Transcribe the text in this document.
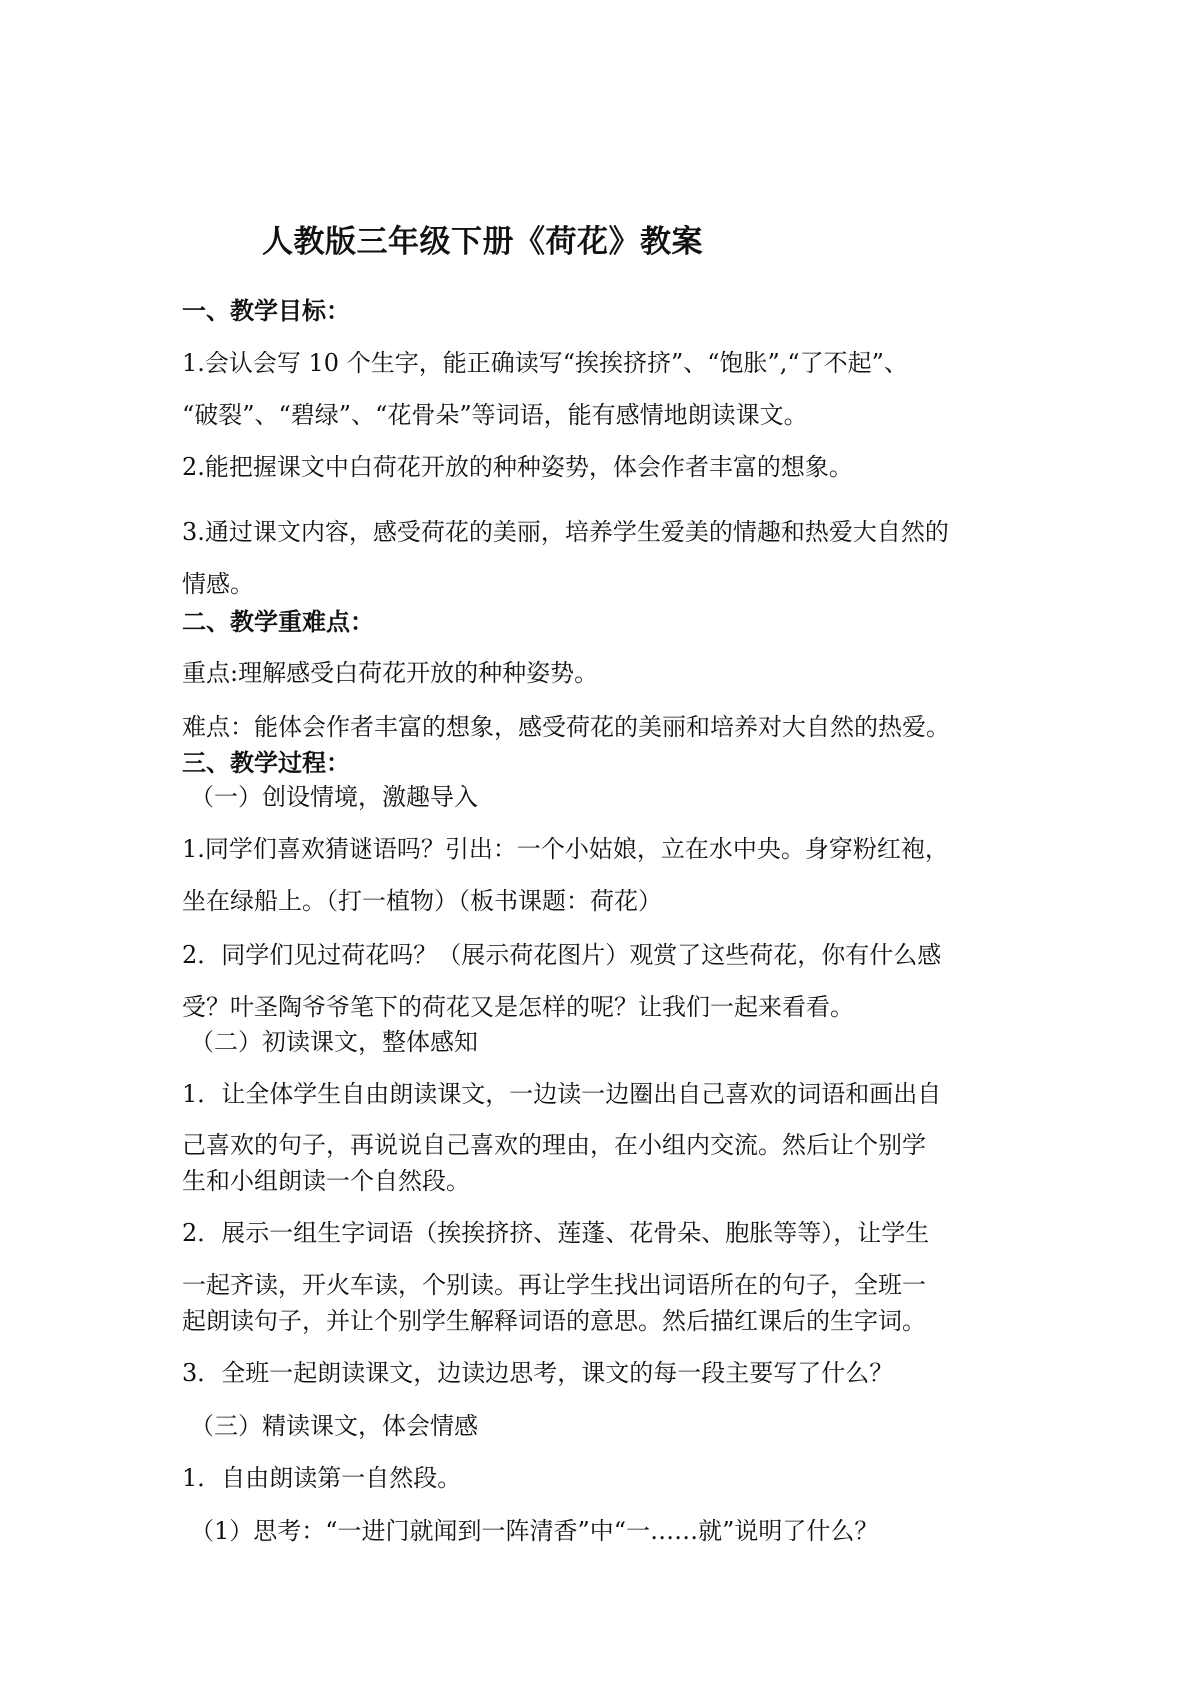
人教版三年级下册《荷花》教案
一、教学目标：
1.会认会写 10 个生字，能正确读写“挨挨挤挤”、“饱胀”,“了不起”、
“破裂”、“碧绿”、“花骨朵”等词语，能有感情地朗读课文。
2.能把握课文中白荷花开放的种种姿势，体会作者丰富的想象。
3.通过课文内容，感受荷花的美丽，培养学生爱美的情趣和热爱大自然的
情感。
二、教学重难点：
重点:理解感受白荷花开放的种种姿势。
难点：能体会作者丰富的想象，感受荷花的美丽和培养对大自然的热爱。
三、教学过程：
（一）创设情境，激趣导入
1.同学们喜欢猜谜语吗？引出：一个小姑娘，立在水中央。身穿粉红袍，
坐在绿船上。（打一植物）（板书课题：荷花）
2．同学们见过荷花吗？（展示荷花图片）观赏了这些荷花，你有什么感
受？叶圣陶爷爷笔下的荷花又是怎样的呢？让我们一起来看看。
（二）初读课文，整体感知
1．让全体学生自由朗读课文，一边读一边圈出自己喜欢的词语和画出自
己喜欢的句子，再说说自己喜欢的理由，在小组内交流。然后让个别学
生和小组朗读一个自然段。
2．展示一组生字词语（挨挨挤挤、莲蓬、花骨朵、胞胀等等），让学生
一起齐读，开火车读，个别读。再让学生找出词语所在的句子，全班一
起朗读句子，并让个别学生解释词语的意思。然后描红课后的生字词。
3．全班一起朗读课文，边读边思考，课文的每一段主要写了什么？
（三）精读课文，体会情感
1．自由朗读第一自然段。
（1）思考：“一进门就闻到一阵清香”中“一……就”说明了什么？
